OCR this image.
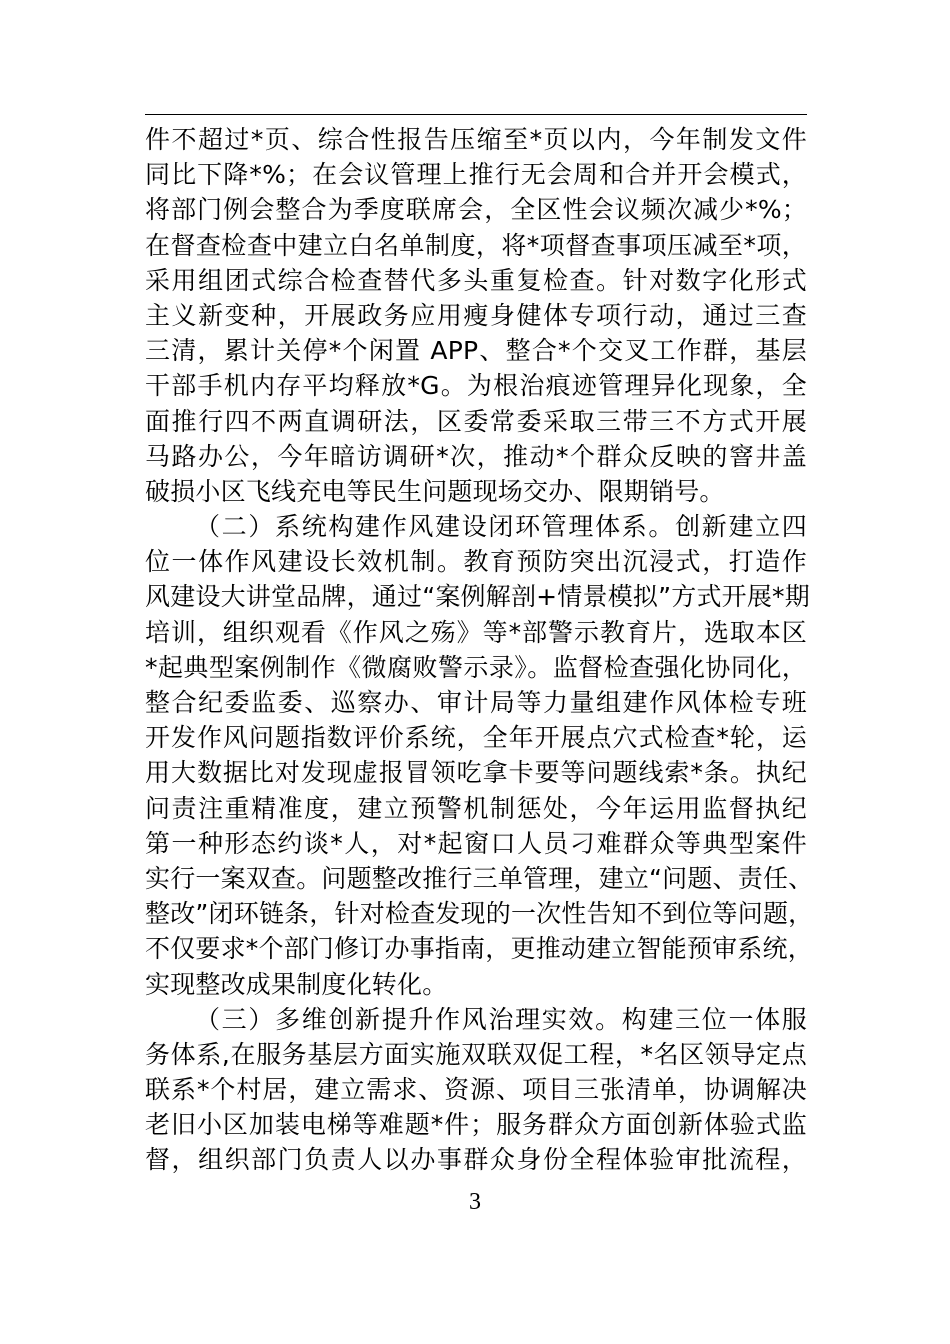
件不超过*页、综合性报告压缩至*页以内，今年制发文件
同比下降*%；在会议管理上推行无会周和合并开会模式，
将部门例会整合为季度联席会，全区性会议频次减少*%；
在督查检查中建立白名单制度，将*项督查事项压减至*项，
采用组团式综合检查替代多头重复检查。针对数字化形式
主义新变种，开展政务应用瘦身健体专项行动，通过三查
三清，累计关停*个闲置 APP、整合*个交叉工作群，基层
干部手机内存平均释放*G。为根治痕迹管理异化现象，全
面推行四不两直调研法，区委常委采取三带三不方式开展
马路办公，今年暗访调研*次，推动*个群众反映的窨井盖
破损小区飞线充电等民生问题现场交办、限期销号。
（二）系统构建作风建设闭环管理体系。创新建立四
位一体作风建设长效机制。教育预防突出沉浸式，打造作
风建设大讲堂品牌，通过“案例解剖+情景模拟”方式开展*期
培训，组织观看《作风之殇》等*部警示教育片，选取本区
*起典型案例制作《微腐败警示录》。监督检查强化协同化，
整合纪委监委、巡察办、审计局等力量组建作风体检专班
开发作风问题指数评价系统，全年开展点穴式检查*轮，运
用大数据比对发现虚报冒领吃拿卡要等问题线索*条。执纪
问责注重精准度，建立预警机制惩处，今年运用监督执纪
第一种形态约谈*人，对*起窗口人员刁难群众等典型案件
实行一案双查。问题整改推行三单管理，建立“问题、责任、
整改”闭环链条，针对检查发现的一次性告知不到位等问题，
不仅要求*个部门修订办事指南，更推动建立智能预审系统，
实现整改成果制度化转化。
（三）多维创新提升作风治理实效。构建三位一体服
务体系,在服务基层方面实施双联双促工程，*名区领导定点
联系*个村居，建立需求、资源、项目三张清单，协调解决
老旧小区加装电梯等难题*件；服务群众方面创新体验式监
督，组织部门负责人以办事群众身份全程体验审批流程，
3
